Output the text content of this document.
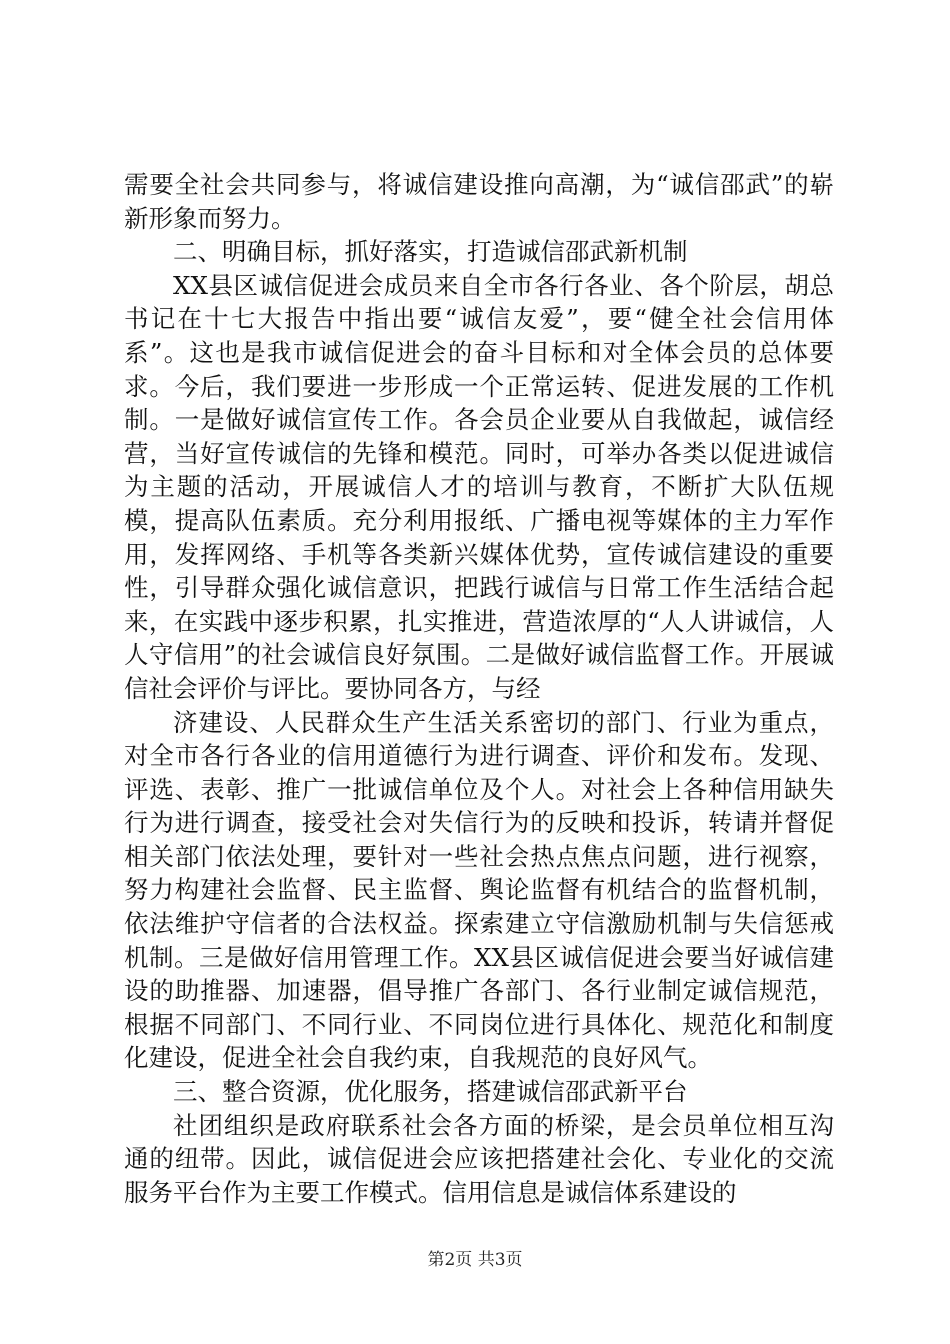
需要全社会共同参与，将诚信建设推向高潮，为“诚信邵武”的崭新形象而努力。

二、明确目标，抓好落实，打造诚信邵武新机制

XX县区诚信促进会成员来自全市各行各业、各个阶层，胡总书记在十七大报告中指出要“诚信友爱”，要“健全社会信用体系”。这也是我市诚信促进会的奋斗目标和对全体会员的总体要求。今后，我们要进一步形成一个正常运转、促进发展的工作机制。一是做好诚信宣传工作。各会员企业要从自我做起，诚信经营，当好宣传诚信的先锋和模范。同时，可举办各类以促进诚信为主题的活动，开展诚信人才的培训与教育，不断扩大队伍规模，提高队伍素质。充分利用报纸、广播电视等媒体的主力军作用，发挥网络、手机等各类新兴媒体优势，宣传诚信建设的重要性，引导群众强化诚信意识，把践行诚信与日常工作生活结合起来，在实践中逐步积累，扎实推进，营造浓厚的“人人讲诚信，人人守信用”的社会诚信良好氛围。二是做好诚信监督工作。开展诚信社会评价与评比。要协同各方，与经

济建设、人民群众生产生活关系密切的部门、行业为重点，对全市各行各业的信用道德行为进行调查、评价和发布。发现、评选、表彰、推广一批诚信单位及个人。对社会上各种信用缺失行为进行调查，接受社会对失信行为的反映和投诉，转请并督促相关部门依法处理，要针对一些社会热点焦点问题，进行视察，努力构建社会监督、民主监督、舆论监督有机结合的监督机制，依法维护守信者的合法权益。探索建立守信激励机制与失信惩戒机制。三是做好信用管理工作。XX县区诚信促进会要当好诚信建设的助推器、加速器，倡导推广各部门、各行业制定诚信规范，根据不同部门、不同行业、不同岗位进行具体化、规范化和制度化建设，促进全社会自我约束，自我规范的良好风气。

三、整合资源，优化服务，搭建诚信邵武新平台

社团组织是政府联系社会各方面的桥梁，是会员单位相互沟通的纽带。因此，诚信促进会应该把搭建社会化、专业化的交流服务平台作为主要工作模式。信用信息是诚信体系建设的

第2页 共3页
